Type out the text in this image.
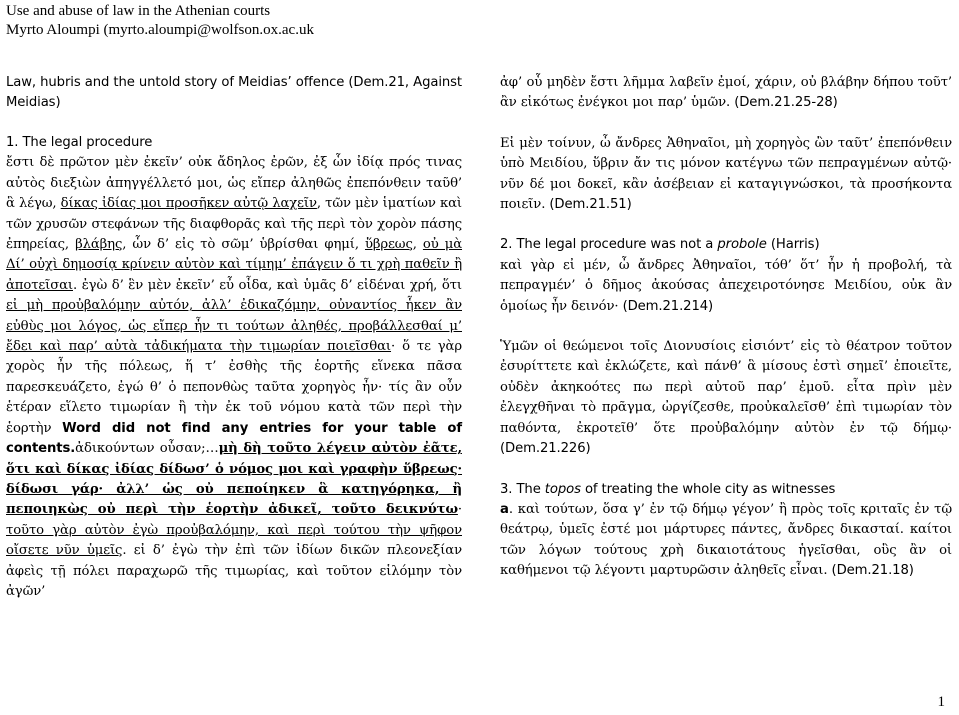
Use and abuse of law in the Athenian courts
Myrto Aloumpi (myrto.aloumpi@wolfson.ox.ac.uk

Law, hubris and the untold story of Meidias’ offence (Dem.21, Against Meidias)

1. The legal procedure

ἔστι δὲ πρῶτον μὲν ἐκεῖν’ οὐκ ἄδηλος ἐρῶν, ἐξ ὧν ἰδίᾳ πρός τινας αὐτὸς διεξιὼν ἀπηγγέλλετό μοι, ὡς εἴπερ ἀληθῶς ἐπεπόνθειν ταῦθ’ ἃ λέγω, δίκας ἰδίας μοι προσῆκεν αὐτῷ λαχεῖν, τῶν μὲν ἱματίων καὶ τῶν χρυσῶν στεφάνων τῆς διαφθορᾶς καὶ τῆς περὶ τὸν χορὸν πάσης ἐπηρείας, βλάβης, ὧν δ’ εἰς τὸ σῶμ’ ὑβρίσθαι φημί, ὕβρεως, οὐ μὰ Δί’ οὐχὶ δημοσίᾳ κρίνειν αὐτὸν καὶ τίμημ’ ἐπάγειν ὅ τι χρὴ παθεῖν ἢ ἀποτεῖσαι. ἐγὼ δ’ ἓν μὲν ἐκεῖν’ εὖ οἶδα, καὶ ὑμᾶς δ’ εἰδέναι χρή, ὅτι εἰ μὴ προὐβαλόμην αὐτόν, ἀλλ’ ἐδικαζόμην, οὐναντίος ἧκεν ἂν εὐθὺς μοι λόγος, ὡς εἴπερ ἦν τι τούτων ἀληθές, προβάλλεσθαί μ’ ἔδει καὶ παρ’ αὐτὰ τἀδικήματα τὴν τιμωρίαν ποιεῖσθαι· ὅ τε γὰρ χορὸς ἦν τῆς πόλεως, ἥ τ’ ἐσθὴς τῆς ἑορτῆς εἵνεκα πᾶσα παρεσκευάζετο, ἐγώ θ’ ὁ πεπονθὼς ταῦτα χορηγὸς ἦν· τίς ἂν οὖν ἑτέραν εἵλετο τιμωρίαν ἢ τὴν ἐκ τοῦ νόμου κατὰ τῶν περὶ τὴν ἑορτὴν Word did not find any entries for your table of contents.ἀδικούντων οὖσαν;…μὴ δὴ τοῦτο λέγειν αὐτὸν ἐᾶτε, ὅτι καὶ δίκας ἰδίας δίδωσ’ ὁ νόμος μοι καὶ γραφὴν ὕβρεως· δίδωσι γάρ· ἀλλ’ ὡς οὐ πεποίηκεν ἃ κατηγόρηκα, ἢ πεποιηκὼς οὐ περὶ τὴν ἑορτὴν ἀδικεῖ, τοῦτο δεικνύτω· τοῦτο γὰρ αὐτὸν ἐγὼ προὐβαλόμην, καὶ περὶ τούτου τὴν ψῆφον οἴσετε νῦν ὑμεῖς. εἰ δ’ ἐγὼ τὴν ἐπὶ τῶν ἰδίων δικῶν πλεονεξίαν ἀφεὶς τῇ πόλει παραχωρῶ τῆς τιμωρίας, καὶ τοῦτον εἱλόμην τὸν ἀγῶν’

ἀφ’ οὗ μηδὲν ἔστι λῆμμα λαβεῖν ἐμοί, χάριν, οὐ βλάβην δήπου τοῦτ’ ἂν εἰκότως ἐνέγκοι μοι παρ’ ὑμῶν. (Dem.21.25-28)

Εἰ μὲν τοίνυν, ὦ ἄνδρες Ἀθηναῖοι, μὴ χορηγὸς ὢν ταῦτ’ ἐπεπόνθειν ὑπὸ Μειδίου, ὕβριν ἄν τις μόνον κατέγνω τῶν πεπραγμένων αὐτῷ· νῦν δέ μοι δοκεῖ, κἂν ἀσέβειαν εἰ καταγιγνώσκοι, τὰ προσήκοντα ποιεῖν. (Dem.21.51)

2. The legal procedure was not a probole (Harris)

καὶ γὰρ εἰ μέν, ὦ ἄνδρες Ἀθηναῖοι, τόθ’ ὅτ’ ἦν ἡ προβολή, τὰ πεπραγμέν’ ὁ δῆμος ἀκούσας ἀπεχειροτόνησε Μειδίου, οὐκ ἂν ὁμοίως ἦν δεινόν· (Dem.21.214)

Ὑμῶν οἱ θεώμενοι τοῖς Διονυσίοις εἰσιόντ’ εἰς τὸ θέατρον τοῦτον ἐσυρίττετε καὶ ἐκλώζετε, καὶ πάνθ’ ἃ μίσους ἐστὶ σημεῖ’ ἐποιεῖτε, οὐδὲν ἀκηκοότες πω περὶ αὐτοῦ παρ’ ἐμοῦ. εἶτα πρὶν μὲν ἐλεγχθῆναι τὸ πρᾶγμα, ὠργίζεσθε, προὐκαλεῖσθ’ ἐπὶ τιμωρίαν τὸν παθόντα, ἐκροτεῖθ’ ὅτε προὐβαλόμην αὐτὸν ἐν τῷ δήμῳ· (Dem.21.226)

3. The topos of treating the whole city as witnesses

a. καὶ τούτων, ὅσα γ’ ἐν τῷ δήμῳ γέγον’ ἢ πρὸς τοῖς κριταῖς ἐν τῷ θεάτρῳ, ὑμεῖς ἐστέ μοι μάρτυρες πάντες, ἄνδρες δικασταί. καίτοι τῶν λόγων τούτους χρὴ δικαιοτάτους ἡγεῖσθαι, οὓς ἂν οἱ καθήμενοι τῷ λέγοντι μαρτυρῶσιν ἀληθεῖς εἶναι. (Dem.21.18)

1
